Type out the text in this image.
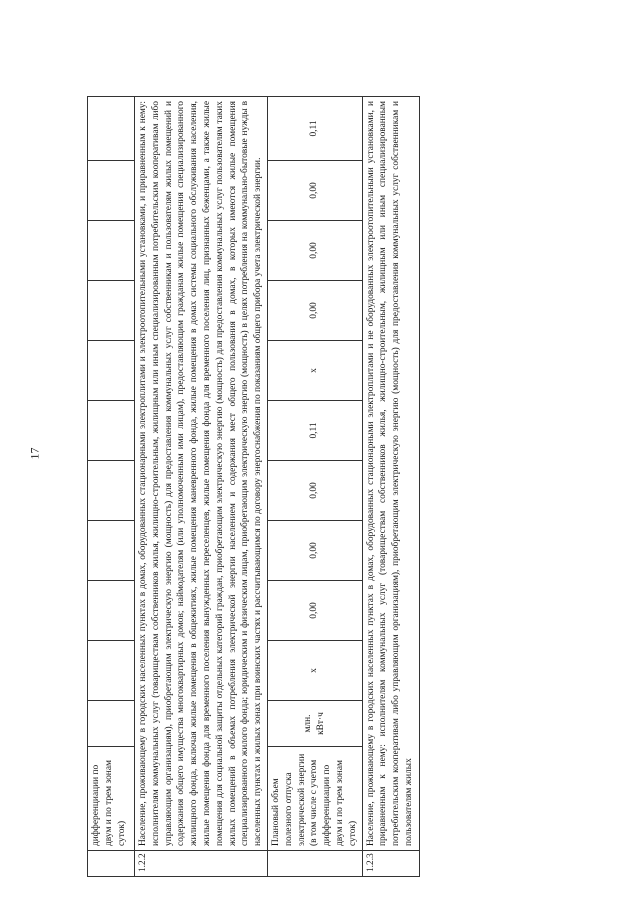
17
	дифференциации по двум и по трем зонам суток)											
1.2.2	Население, проживающему в городских населенных пунктах в домах, оборудованных стационарными электроплитами и электроотопительными установками, и приравненным к нему: исполнителям коммунальных услуг (товариществам собственников жилья, жилищно-строительным, жилищным или иным специализированным потребительским кооперативам либо управляющим организациям), приобретающим электрическую энергию (мощность) для предоставления коммунальных услуг собственникам и пользователям жилых помещений и содержания общего имущества многоквартирных домов; наймодателям (или уполномоченным ими лицам), предоставляющим гражданам жилые помещения специализированного жилищного фонда, включая жилые помещения в общежитиях, жилые помещения маневренного фонда, жилые помещения в домах системы социального обслуживания населения, жилые помещения фонда для временного поселения вынужденных переселенцев, жилые помещения фонда для временного поселения лиц, признанных беженцами, а также жилые помещения для социальной защиты отдельных категорий граждан, приобретающим электрическую энергию (мощность) для предоставления коммунальных услуг пользователям таких жилых помещений в объемах потребления электрической энергии населением и содержания мест общего пользования в домах, в которых имеются жилые помещения специализированного жилого фонда; юридическим и физическим лицам, приобретающим электрическую энергию (мощность) в целях потребления на коммунально-бытовые нужды в населенных пунктах и жилых зонах при воинских частях и рассчитывающимся по договору энергоснабжения по показаниям общего прибора учета электрической энергии.											
	Плановый объем полезного отпуска электрической энергии (в том числе с учетом дифференциации по двум и по трем зонам суток)	млн. кВт·ч	х	0,00	0,00	0,00	0,11	х	0,00	0,00	0,00	0,11
1.2.3	Население, проживающему в городских населенных пунктах в домах, оборудованных стационарными электроплитами и не оборудованных электроотопительными установками, и приравненным к нему: исполнителям коммунальных услуг (товариществам собственников жилья, жилищно-строительным, жилищным или иным специализированным потребительским кооперативам либо управляющим организациям), приобретающим электрическую энергию (мощность) для предоставления коммунальных услуг собственникам и пользователям жилых											
